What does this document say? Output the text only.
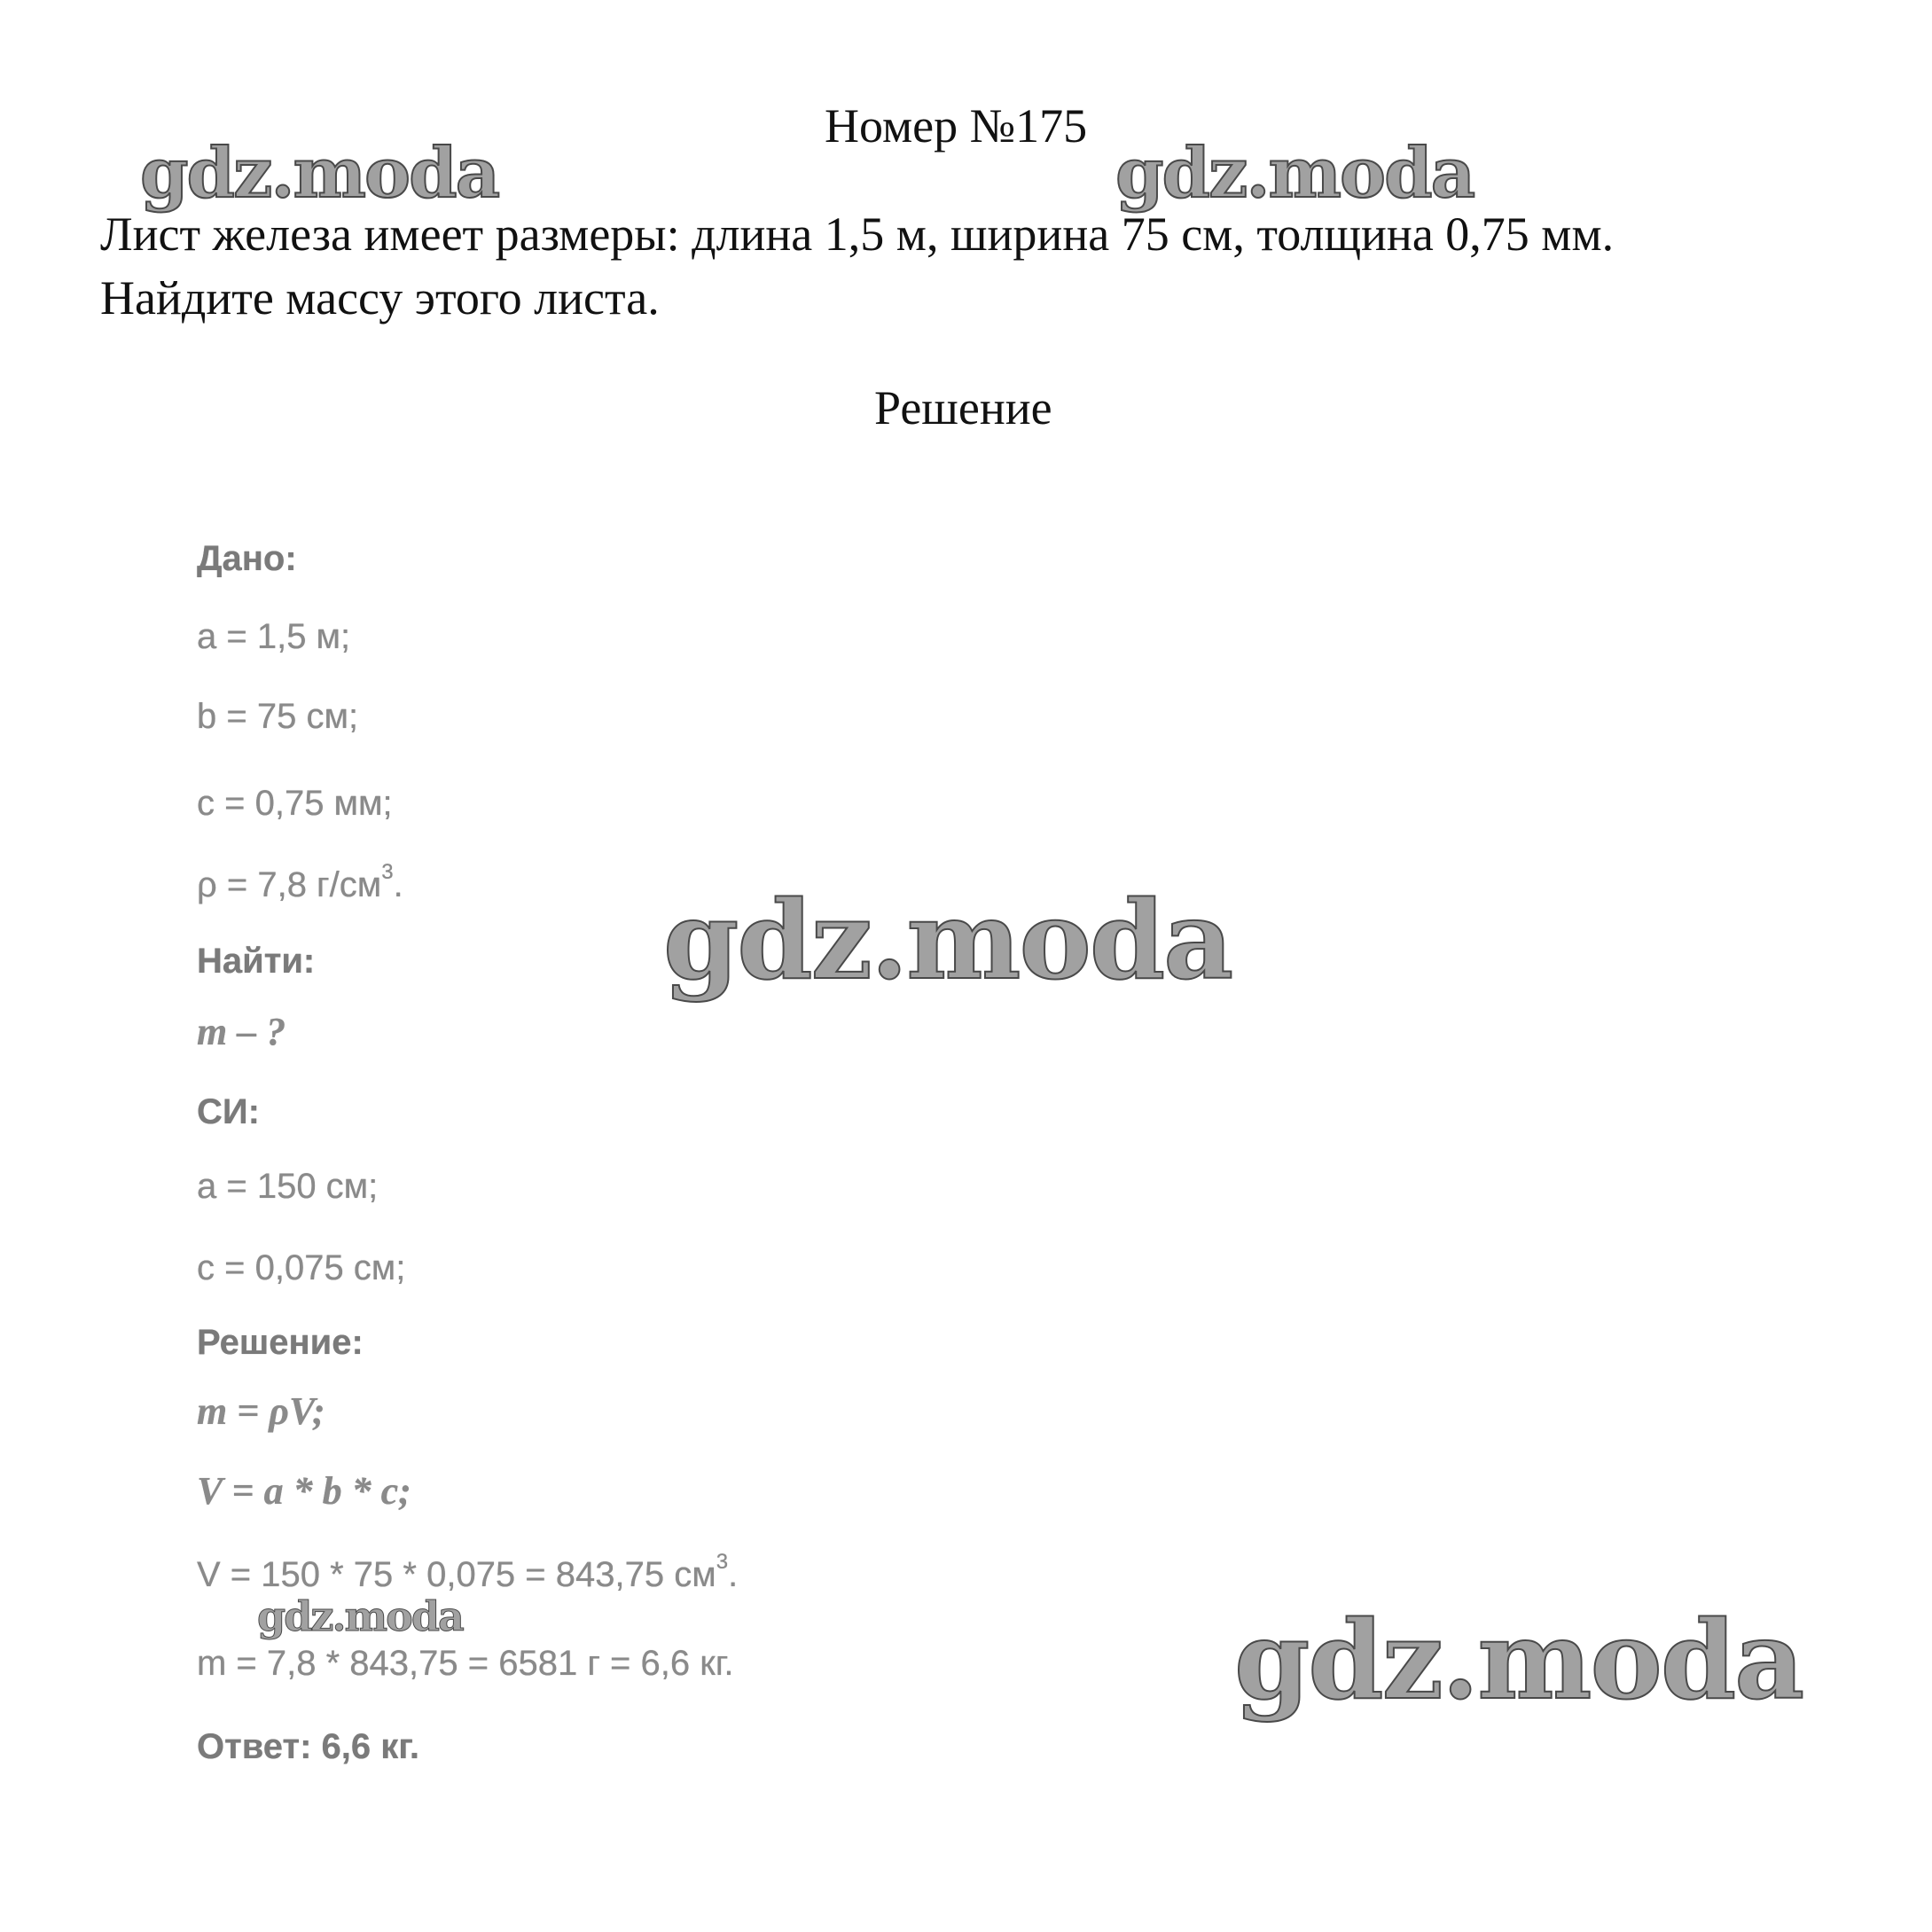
Номер №175
Лист железа имеет размеры: длина 1,5 м, ширина 75 см, толщина 0,75 мм.
Найдите массу этого листа.
Решение
Дано:
a = 1,5 м;
b = 75 см;
c = 0,75 мм;
ρ = 7,8 $г/см^3$.
Найти:
m – ?
СИ:
a = 150 см;
c = 0,075 см;
Решение:
m = ρV;
V = a * b * c;
V = 150 * 75 * 0,075 = 843,75 $см^3$.
m = 7,8 * 843,75 = 6581 г = 6,6 кг.
Ответ: 6,6 кг.
gdz.moda	gdz.moda
gdz.moda
gdz.moda	gdz.moda
